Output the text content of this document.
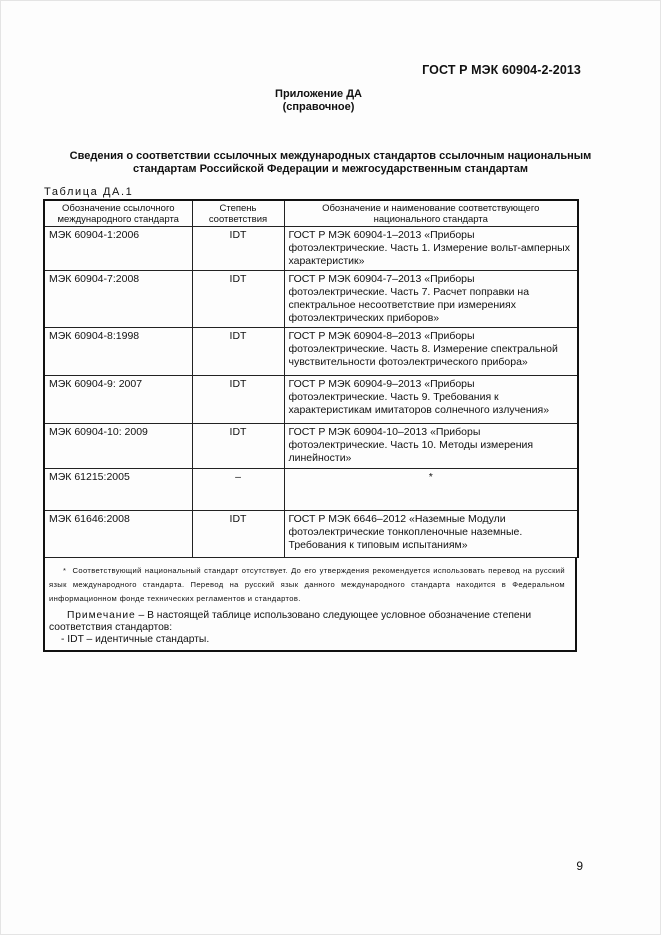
ГОСТ Р МЭК 60904-2-2013
Приложение ДА
(справочное)
Сведения о соответствии ссылочных международных стандартов ссылочным национальным стандартам Российской Федерации и межгосударственным стандартам
Таблица ДА.1
Обозначение ссылочного международного стандарта	Степень соответствия	Обозначение и наименование соответствующего национального стандарта
МЭК 60904-1:2006	IDT	ГОСТ Р МЭК 60904-1–2013 «Приборы фотоэлектрические. Часть 1. Измерение вольт-амперных характеристик»
МЭК 60904-7:2008	IDT	ГОСТ Р МЭК 60904-7–2013 «Приборы фотоэлектрические. Часть 7. Расчет поправки на спектральное несоответствие при измерениях фотоэлектрических приборов»
МЭК 60904-8:1998	IDT	ГОСТ Р МЭК 60904-8–2013 «Приборы фотоэлектрические. Часть 8. Измерение спектральной чувствительности фотоэлектрического прибора»
МЭК 60904-9: 2007	IDT	ГОСТ Р МЭК 60904-9–2013 «Приборы фотоэлектрические. Часть 9. Требования к характеристикам имитаторов солнечного излучения»
МЭК 60904-10: 2009	IDT	ГОСТ Р МЭК 60904-10–2013 «Приборы фотоэлектрические. Часть 10. Методы измерения линейности»
МЭК 61215:2005	–	*
МЭК 61646:2008	IDT	ГОСТ Р МЭК 6646–2012 «Наземные Модули фотоэлектрические тонкопленочные наземные. Требования к типовым испытаниям»
* Соответствующий национальный стандарт отсутствует. До его утверждения рекомендуется использовать перевод на русский язык международного стандарта. Перевод на русский язык данного международного стандарта находится в Федеральном информационном фонде технических регламентов и стандартов.
Примечание – В настоящей таблице использовано следующее условное обозначение степени соответствия стандартов:
- IDT – идентичные стандарты.
9
